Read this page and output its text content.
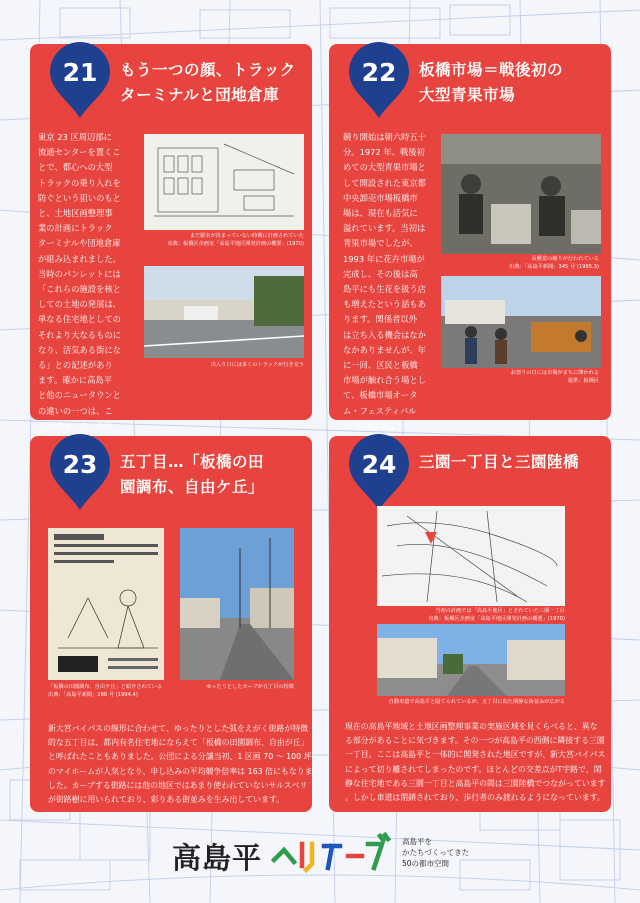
21	もう一つの顔、トラック
ターミナルと団地倉庫
東京 23 区周辺部に
流通センターを置くこ
とで、都心への大型
トラックの乗り入れを
防ぐという狙いのもと
と、土地区画整理事
業の計画にトラック
ターミナルや団地倉庫
が組み込まれました。
当時のパンレットには
「これらの施設を核と
しての土地の発展は、
単なる住宅地としての
それより大なるものに
なり、活気ある街にな
る」との記述があり
ます。確かに高島平
と他のニュータウンと
の違いの一つは、こ
の流通センターの存
まだ駅名が決まっていない時期に計画されていた
出典：板橋区企画室「高島平地区開発計画の概要」(1970)
出入り口には多くのトラックが行き交う
22	板橋市場＝戦後初の
大型青果市場
競り開始は朝六時五十
分。1972 年、戦後初
めての大型青果市場と
して開設された東京都
中央卸売市場板橋市
場は、現在も活気に
溢れています。当初は
青果市場でしたが、
1993 年に花卉市場が
完成し、その後は高
島平にも生花を扱う店
も増えたという話もあ
ります。関係者以外
は立ち入る機会はなか
なかありませんが、年
に一回、区民と板橋
市場が触れ合う場とし
て、板橋市場オータ
ム・フェスティバル
（「板橋市場まつり」）
長靴姿の競りが行われている
出典：「高島平新聞」345 号 (1995.3)
お祭りの日には市場がまちに開かれる
提供：板橋区
23	五丁目…「板橋の田
園調布、自由ケ丘」
「板橋の田園調布、自由ケ丘」と紹介されている
出典：「高島平新聞」286 号 (1994.4)
ゆったりとしたカーブが五丁目の特徴
新大宮バイパスの線形に合わせて、ゆったりとした弧をえがく街路が特徴
的な五丁目は、都内有名住宅地にならえて「板橋の田園調布、自由が丘」
と呼ばれたこともありました。公団による分譲当初、1 区画 70 〜 100 坪
のマイホームが人気となり、申し込みの平均競争倍率は 163 倍にもなりま
した。カーブする街路には他の地区ではあまり使われていないサルスベリ
が街路樹に用いられており、彩りある街並みを生み出しています。
24	三園一丁目と三園陸橋
当初の計画では「高島平地区」とされていた三園一丁目
出典：板橋区企画室「高島平地区開発計画の概要」(1970)
自動車道で高島平と隔てられているが、五丁目に似た閑静な街並みが広がる
現在の高島平地域と土地区画整理事業の実施区域を見くらべると、異な
る部分があることに気づきます。その一つが高島平の西側に隣接する三園
一丁目。ここは高島平と一体的に開発された地区ですが、新大宮バイパス
によって切り離されてしまったのです。ほとんどの交差点がT字路で、閑
静な住宅地である三園一丁目と高島平の間は三園陸橋でつながっています
。しかし車道は閉鎖されており、歩行者のみ渡れるようになっています。
高島平	高島平を
かたちづくってきた
50の都市空間
